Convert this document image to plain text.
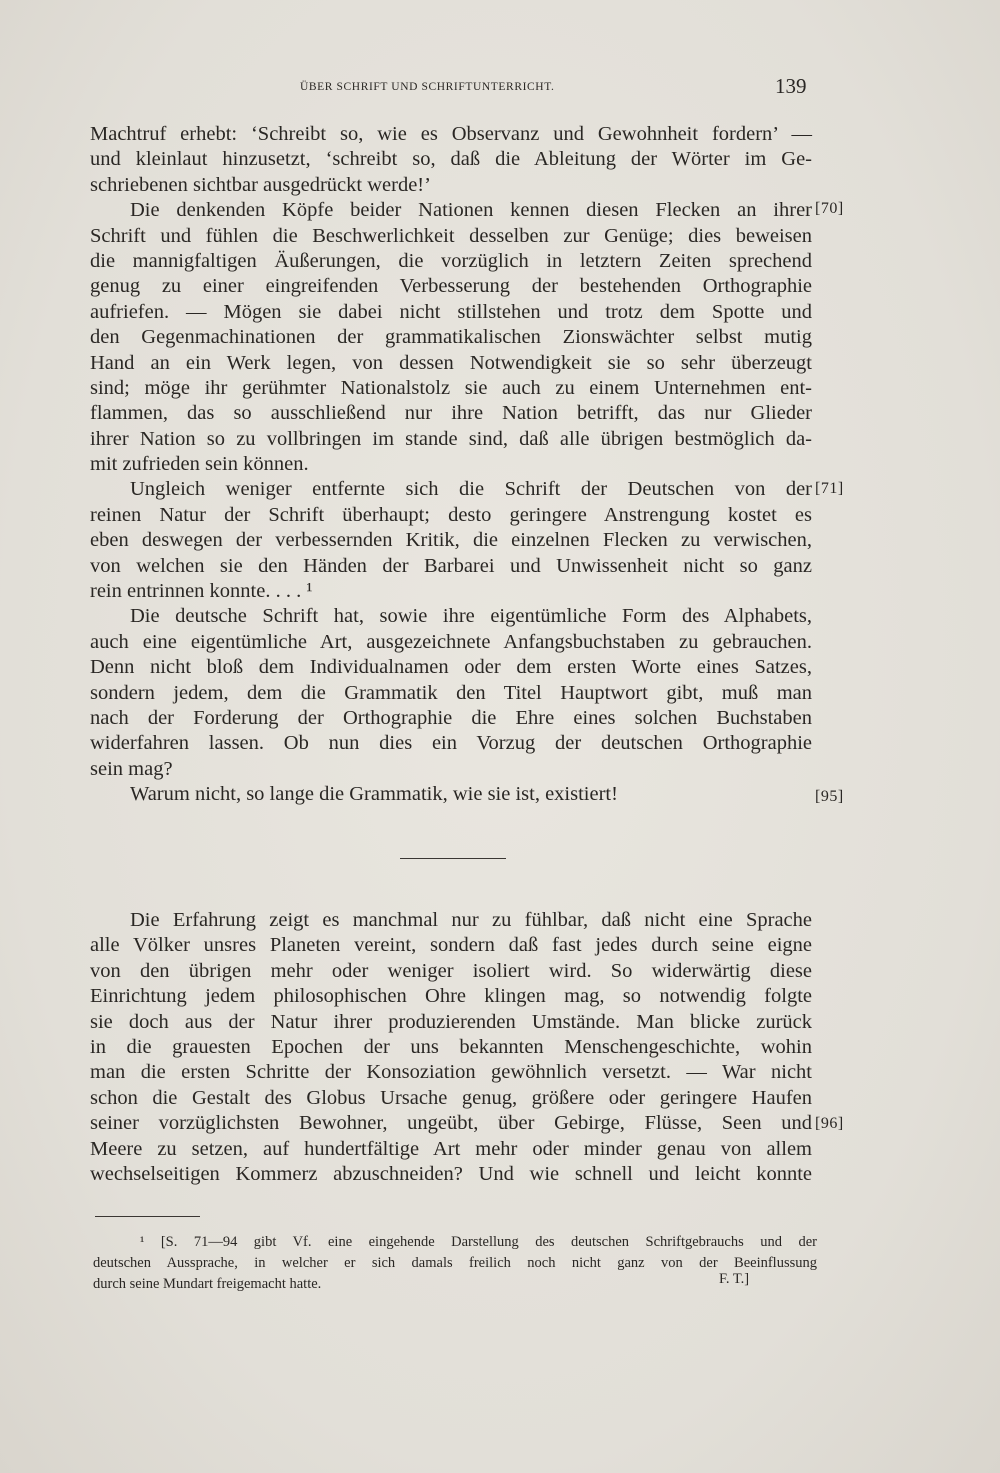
ÜBER SCHRIFT UND SCHRIFTUNTERRICHT.	139
Machtruf erhebt: ‘Schreibt so, wie es Observanz und Gewohnheit fordern’ —
und kleinlaut hinzusetzt, ‘schreibt so, daß die Ableitung der Wörter im Ge-
schriebenen sichtbar ausgedrückt werde!’
Die denkenden Köpfe beider Nationen kennen diesen Flecken an ihrer
Schrift und fühlen die Beschwerlichkeit desselben zur Genüge; dies beweisen
die mannigfaltigen Äußerungen, die vorzüglich in letztern Zeiten sprechend
genug zu einer eingreifenden Verbesserung der bestehenden Orthographie
aufriefen. — Mögen sie dabei nicht stillstehen und trotz dem Spotte und
den Gegenmachinationen der grammatikalischen Zionswächter selbst mutig
Hand an ein Werk legen, von dessen Notwendigkeit sie so sehr überzeugt
sind; möge ihr gerühmter Nationalstolz sie auch zu einem Unternehmen ent-
flammen, das so ausschließend nur ihre Nation betrifft, das nur Glieder
ihrer Nation so zu vollbringen im stande sind, daß alle übrigen bestmöglich da-
mit zufrieden sein können.
Ungleich weniger entfernte sich die Schrift der Deutschen von der
reinen Natur der Schrift überhaupt; desto geringere Anstrengung kostet es
eben deswegen der verbessernden Kritik, die einzelnen Flecken zu verwischen,
von welchen sie den Händen der Barbarei und Unwissenheit nicht so ganz
rein entrinnen konnte. . . . ¹
Die deutsche Schrift hat, sowie ihre eigentümliche Form des Alphabets,
auch eine eigentümliche Art, ausgezeichnete Anfangsbuchstaben zu gebrauchen.
Denn nicht bloß dem Individualnamen oder dem ersten Worte eines Satzes,
sondern jedem, dem die Grammatik den Titel Hauptwort gibt, muß man
nach der Forderung der Orthographie die Ehre eines solchen Buchstaben
widerfahren lassen. Ob nun dies ein Vorzug der deutschen Orthographie
sein mag?
Warum nicht, so lange die Grammatik, wie sie ist, existiert!
[70]
[71]
[95]
[96]
Die Erfahrung zeigt es manchmal nur zu fühlbar, daß nicht eine Sprache
alle Völker unsres Planeten vereint, sondern daß fast jedes durch seine eigne
von den übrigen mehr oder weniger isoliert wird. So widerwärtig diese
Einrichtung jedem philosophischen Ohre klingen mag, so notwendig folgte
sie doch aus der Natur ihrer produzierenden Umstände. Man blicke zurück
in die grauesten Epochen der uns bekannten Menschengeschichte, wohin
man die ersten Schritte der Konsoziation gewöhnlich versetzt. — War nicht
schon die Gestalt des Globus Ursache genug, größere oder geringere Haufen
seiner vorzüglichsten Bewohner, ungeübt, über Gebirge, Flüsse, Seen und
Meere zu setzen, auf hundertfältige Art mehr oder minder genau von allem
wechselseitigen Kommerz abzuschneiden? Und wie schnell und leicht konnte
¹ [S. 71—94 gibt Vf. eine eingehende Darstellung des deutschen Schriftgebrauchs und der
deutschen Aussprache, in welcher er sich damals freilich noch nicht ganz von der Beeinflussung
durch seine Mundart freigemacht hatte.	F. T.]
